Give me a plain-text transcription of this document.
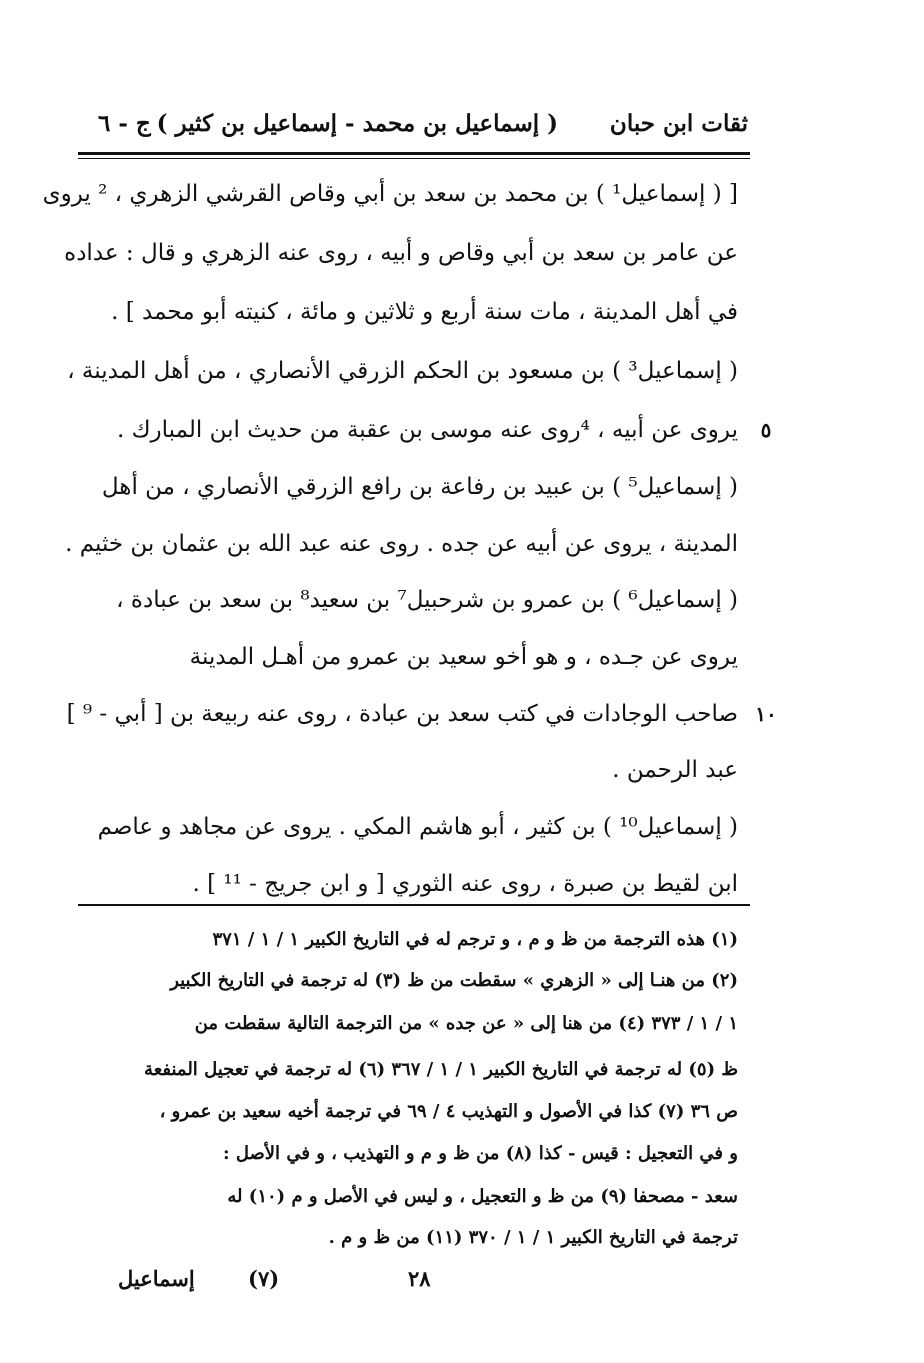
ثقات ابن حبان
( إسماعيل بن محمد - إسماعيل بن كثير )
ج - ٦
[ ( إسماعيل¹ ) بن محمد بن سعد بن أبي وقاص القرشي الزهري ، ² يروى
عن عامر بن سعد بن أبي وقاص و أبيه ، روى عنه الزهري و قال : عداده
في أهل المدينة ، مات سنة أربع و ثلاثين و مائة ، كنيته أبو محمد ] .
( إسماعيل³ ) بن مسعود بن الحكم الزرقي الأنصاري ، من أهل المدينة ،
يروى عن أبيه ، ⁴روى عنه موسى بن عقبة من حديث ابن المبارك .
( إسماعيل⁵ ) بن عبيد بن رفاعة بن رافع الزرقي الأنصاري ، من أهل
المدينة ، يروى عن أبيه عن جده . روى عنه عبد الله بن عثمان بن خثيم .
( إسماعيل⁶ ) بن عمرو بن شرحبيل⁷ بن سعيد⁸ بن سعد بن عبادة ،
يروى عن جـده ، و هو أخو سعيد بن عمرو من أهـل المدينة
صاحب الوجادات في كتب سعد بن عبادة ، روى عنه ربيعة بن [ أبي - ⁹ ]
عبد الرحمن .
( إسماعيل¹⁰ ) بن كثير ، أبو هاشم المكي . يروى عن مجاهد و عاصم
ابن لقيط بن صبرة ، روى عنه الثوري [ و ابن جريج - ¹¹ ] .
٥
١٠
(١) هذه الترجمة من ظ و م ، و ترجم له في التاريخ الكبير ١ / ١ / ٣٧١
(٢) من هنـا إلى « الزهري » سقطت من ظ (٣) له ترجمة في التاريخ الكبير
١ / ١ / ٣٧٣ (٤) من هنا إلى « عن جده » من الترجمة التالية سقطت من
ظ (٥) له ترجمة في التاريخ الكبير ١ / ١ / ٣٦٧ (٦) له ترجمة في تعجيل المنفعة
ص ٣٦ (٧) كذا في الأصول و التهذيب ٤ / ٦٩ في ترجمة أخيه سعيد بن عمرو ،
و في التعجيل : قيس - كذا (٨) من ظ و م و التهذيب ، و في الأصل :
سعد - مصحفا (٩) من ظ و التعجيل ، و ليس في الأصل و م (١٠) له
ترجمة في التاريخ الكبير ١ / ١ / ٣٧٠ (١١) من ظ و م .
إسماعيل	(٧)	٢٨
